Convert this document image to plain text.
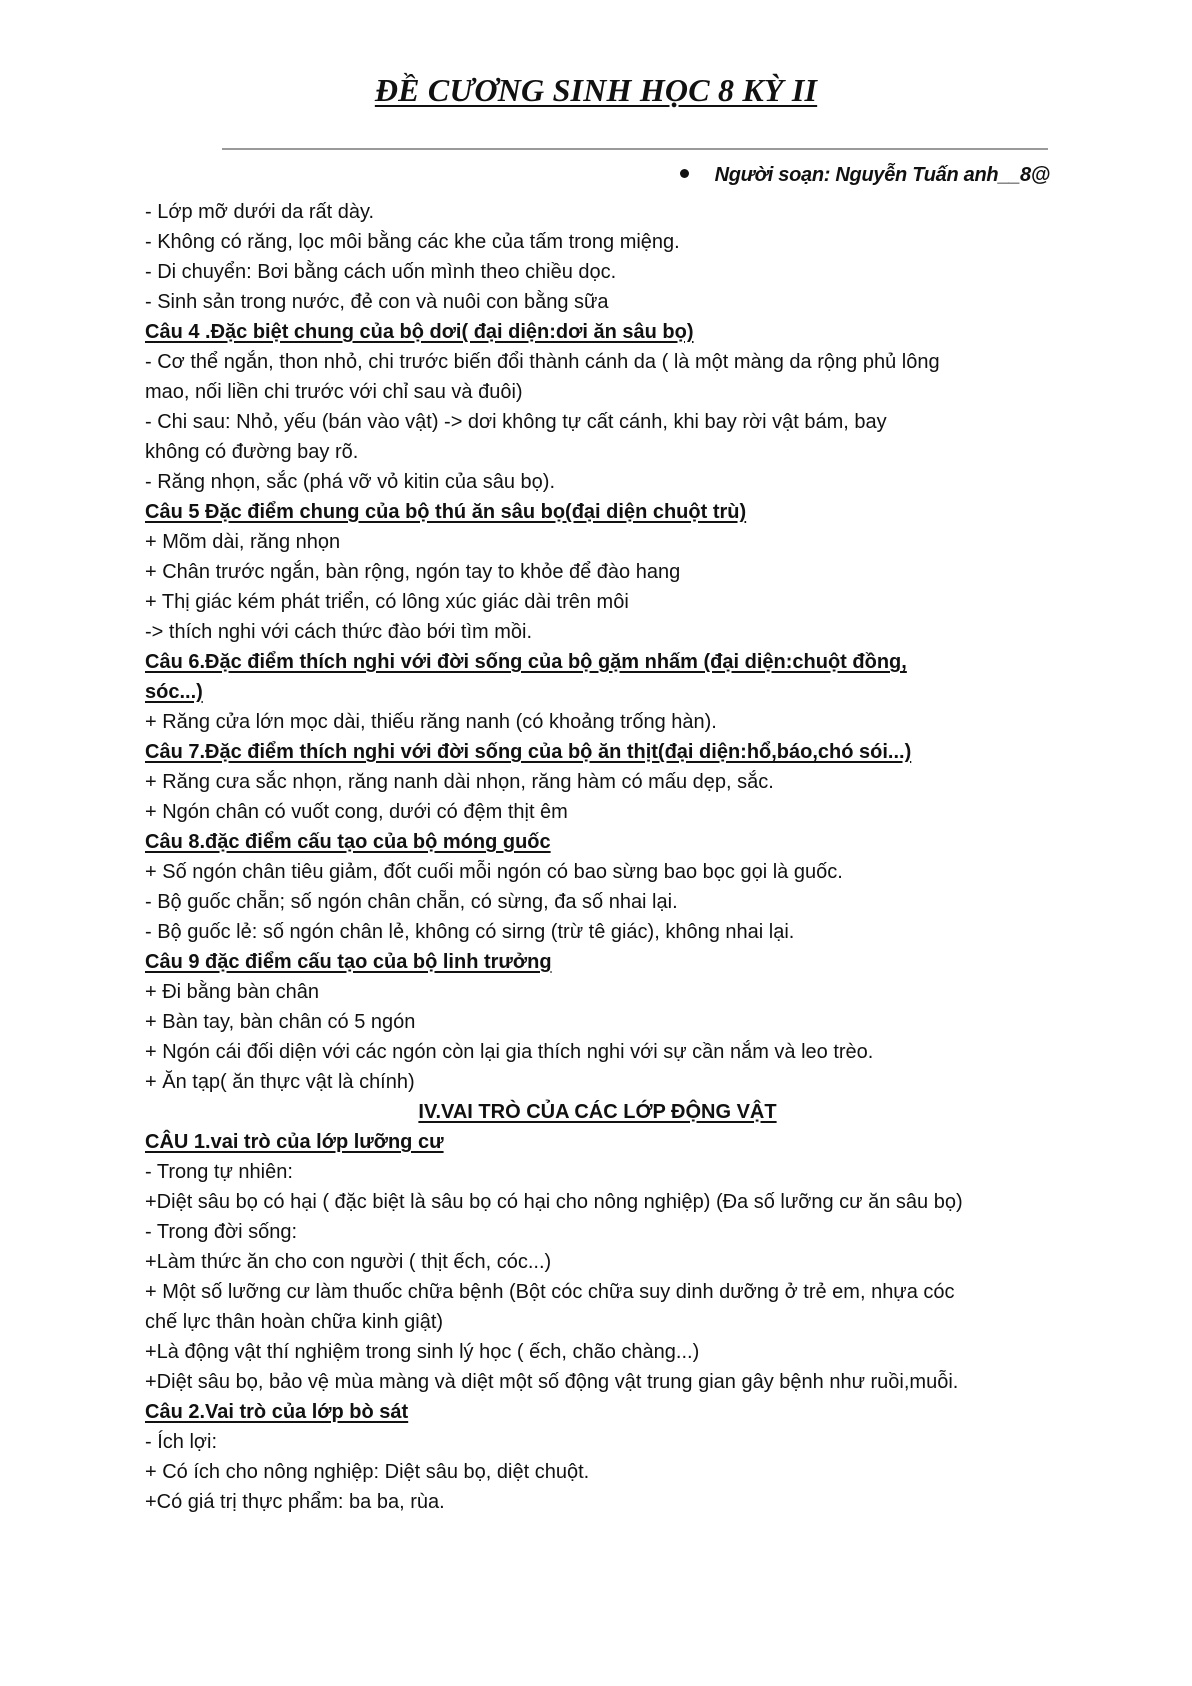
ĐỀ CƯƠNG SINH HỌC 8 KỲ II
Người soạn: Nguyễn Tuấn anh__8@
- Lớp mỡ dưới da rất dày.
- Không có răng, lọc môi bằng các khe của tấm trong miệng.
- Di chuyển: Bơi bằng cách uốn mình theo chiều dọc.
- Sinh sản trong nước, đẻ con và nuôi con bằng sữa
Câu 4 .Đặc biệt chung của bộ dơi( đại diện:dơi ăn sâu bọ)
- Cơ thể ngắn, thon nhỏ, chi trước biến đổi thành cánh da ( là một màng da rộng phủ lông
mao, nối liền chi trước với chỉ sau và đuôi)
- Chi sau: Nhỏ, yếu (bán vào vật) -> dơi không tự cất cánh, khi bay rời vật bám, bay
không có đường bay rõ.
- Răng nhọn, sắc (phá vỡ vỏ kitin của sâu bọ).
Câu 5 Đặc điểm chung của bộ thú ăn sâu bọ(đại diện chuột trù)
+ Mõm dài, răng nhọn
+ Chân trước ngắn, bàn rộng, ngón tay to khỏe để đào hang
+ Thị giác kém phát triển, có lông xúc giác dài trên môi
-> thích nghi với cách thức đào bới tìm mồi.
Câu 6.Đặc điểm thích nghi với đời sống của bộ gặm nhấm (đại diện:chuột đồng,
sóc...)
+ Răng cửa lớn mọc dài, thiếu răng nanh (có khoảng trống hàn).
Câu 7.Đặc điểm thích nghi với đời sống của bộ ăn thịt(đại diện:hổ,báo,chó sói...)
+ Răng cưa sắc nhọn, răng nanh dài nhọn, răng hàm có mấu dẹp, sắc.
+ Ngón chân có vuốt cong, dưới có đệm thịt êm
Câu 8.đặc điểm cấu tạo của bộ móng guốc
+ Số ngón chân tiêu giảm, đốt cuối mỗi ngón có bao sừng bao bọc gọi là guốc.
- Bộ guốc chẵn; số ngón chân chẵn, có sừng, đa số nhai lại.
- Bộ guốc lẻ: số ngón chân lẻ, không có sirng (trừ tê giác), không nhai lại.
Câu 9 đặc điểm cấu tạo của bộ linh trưởng
+ Đi bằng bàn chân
+ Bàn tay, bàn chân có 5 ngón
+ Ngón cái đối diện với các ngón còn lại gia thích nghi với sự cần nắm và leo trèo.
+ Ăn tạp( ăn thực vật là chính)
IV.VAI TRÒ CỦA CÁC LỚP ĐỘNG VẬT
CÂU 1.vai trò của lớp lưỡng cư
- Trong tự nhiên:
+Diệt sâu bọ có hại ( đặc biệt là sâu bọ có hại cho nông nghiệp) (Đa số lưỡng cư ăn sâu bọ)
- Trong đời sống:
+Làm thức ăn cho con người ( thịt ếch, cóc...)
+ Một số lưỡng cư làm thuốc chữa bệnh (Bột cóc chữa suy dinh dưỡng ở trẻ em, nhựa cóc
chế lực thân hoàn chữa kinh giật)
+Là động vật thí nghiệm trong sinh lý học ( ếch, chão chàng...)
+Diệt sâu bọ, bảo vệ mùa màng và diệt một số động vật trung gian gây bệnh như ruồi,muỗi.
Câu 2.Vai trò của lớp bò sát
- Ích lợi:
+ Có ích cho nông nghiệp: Diệt sâu bọ, diệt chuột.
+Có giá trị thực phẩm: ba ba, rùa.
